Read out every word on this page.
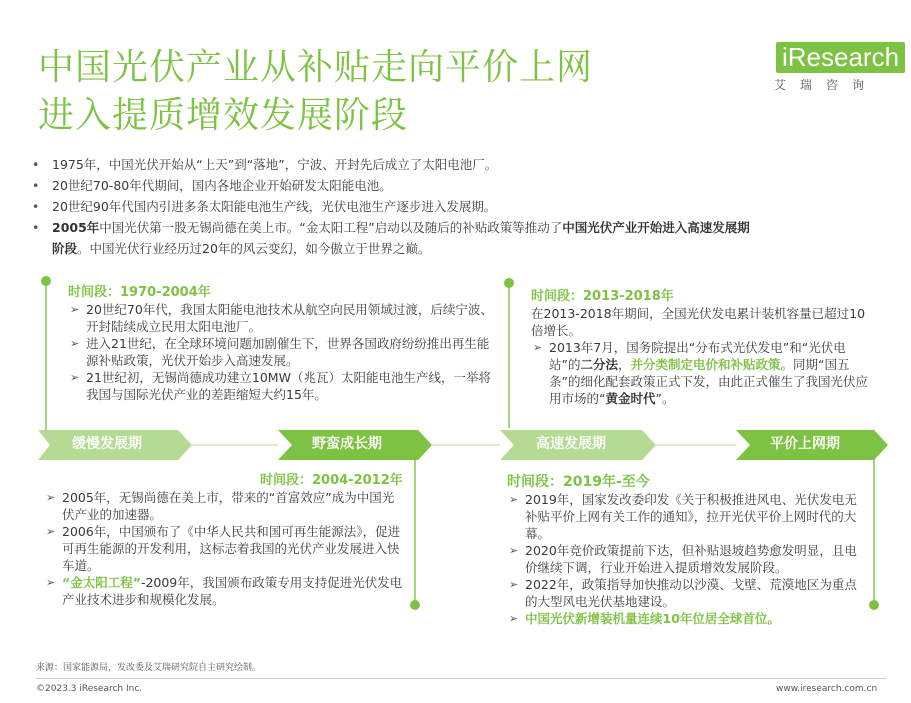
中国光伏产业从补贴走向平价上网
进入提质增效发展阶段
iResearch
艾瑞咨询
• 1975年，中国光伏开始从“上天”到“落地”，宁波、开封先后成立了太阳电池厂。
• 20世纪70-80年代期间，国内各地企业开始研发太阳能电池。
• 20世纪90年代国内引进多条太阳能电池生产线，光伏电池生产逐步进入发展期。
• 2005年中国光伏第一股无锡尚德在美上市。“金太阳工程”启动以及随后的补贴政策等推动了中国光伏产业开始进入高速发展期
阶段。中国光伏行业经历过20年的风云变幻，如今傲立于世界之巅。
时间段：1970-2004年
➢ 20世纪70年代，我国太阳能电池技术从航空向民用领域过渡，后续宁波、开封陆续成立民用太阳电池厂。
➢ 进入21世纪，在全球环境问题加剧催生下，世界各国政府纷纷推出再生能源补贴政策，光伏开始步入高速发展。
➢ 21世纪初，无锡尚德成功建立10MW（兆瓦）太阳能电池生产线，一举将我国与国际光伏产业的差距缩短大约15年。
时间段：2013-2018年
在2013-2018年期间，全国光伏发电累计装机容量已超过10倍增长。
➢ 2013年7月，国务院提出“分布式光伏发电”和“光伏电站”的二分法，并分类制定电价和补贴政策。同期“国五条”的细化配套政策正式下发，由此正式催生了我国光伏应用市场的“黄金时代”。
缓慢发展期	野蛮成长期	高速发展期	平价上网期
时间段：2004-2012年
➢ 2005年，无锡尚德在美上市，带来的“首富效应”成为中国光伏产业的加速器。
➢ 2006年，中国颁布了《中华人民共和国可再生能源法》，促进可再生能源的开发利用，这标志着我国的光伏产业发展进入快车道。
➢ “金太阳工程”-2009年，我国颁布政策专用支持促进光伏发电产业技术进步和规模化发展。
时间段：2019年-至今
➢ 2019年，国家发改委印发《关于积极推进风电、光伏发电无补贴平价上网有关工作的通知》，拉开光伏平价上网时代的大幕。
➢ 2020年竞价政策提前下达，但补贴退坡趋势愈发明显，且电价继续下调，行业开始进入提质增效发展阶段。
➢ 2022年，政策指导加快推动以沙漠、戈壁、荒漠地区为重点的大型风电光伏基地建设。
➢ 中国光伏新增装机量连续10年位居全球首位。
来源：国家能源局，发改委及艾瑞研究院自主研究绘制。
©2023.3 iResearch Inc.	www.iresearch.com.cn
